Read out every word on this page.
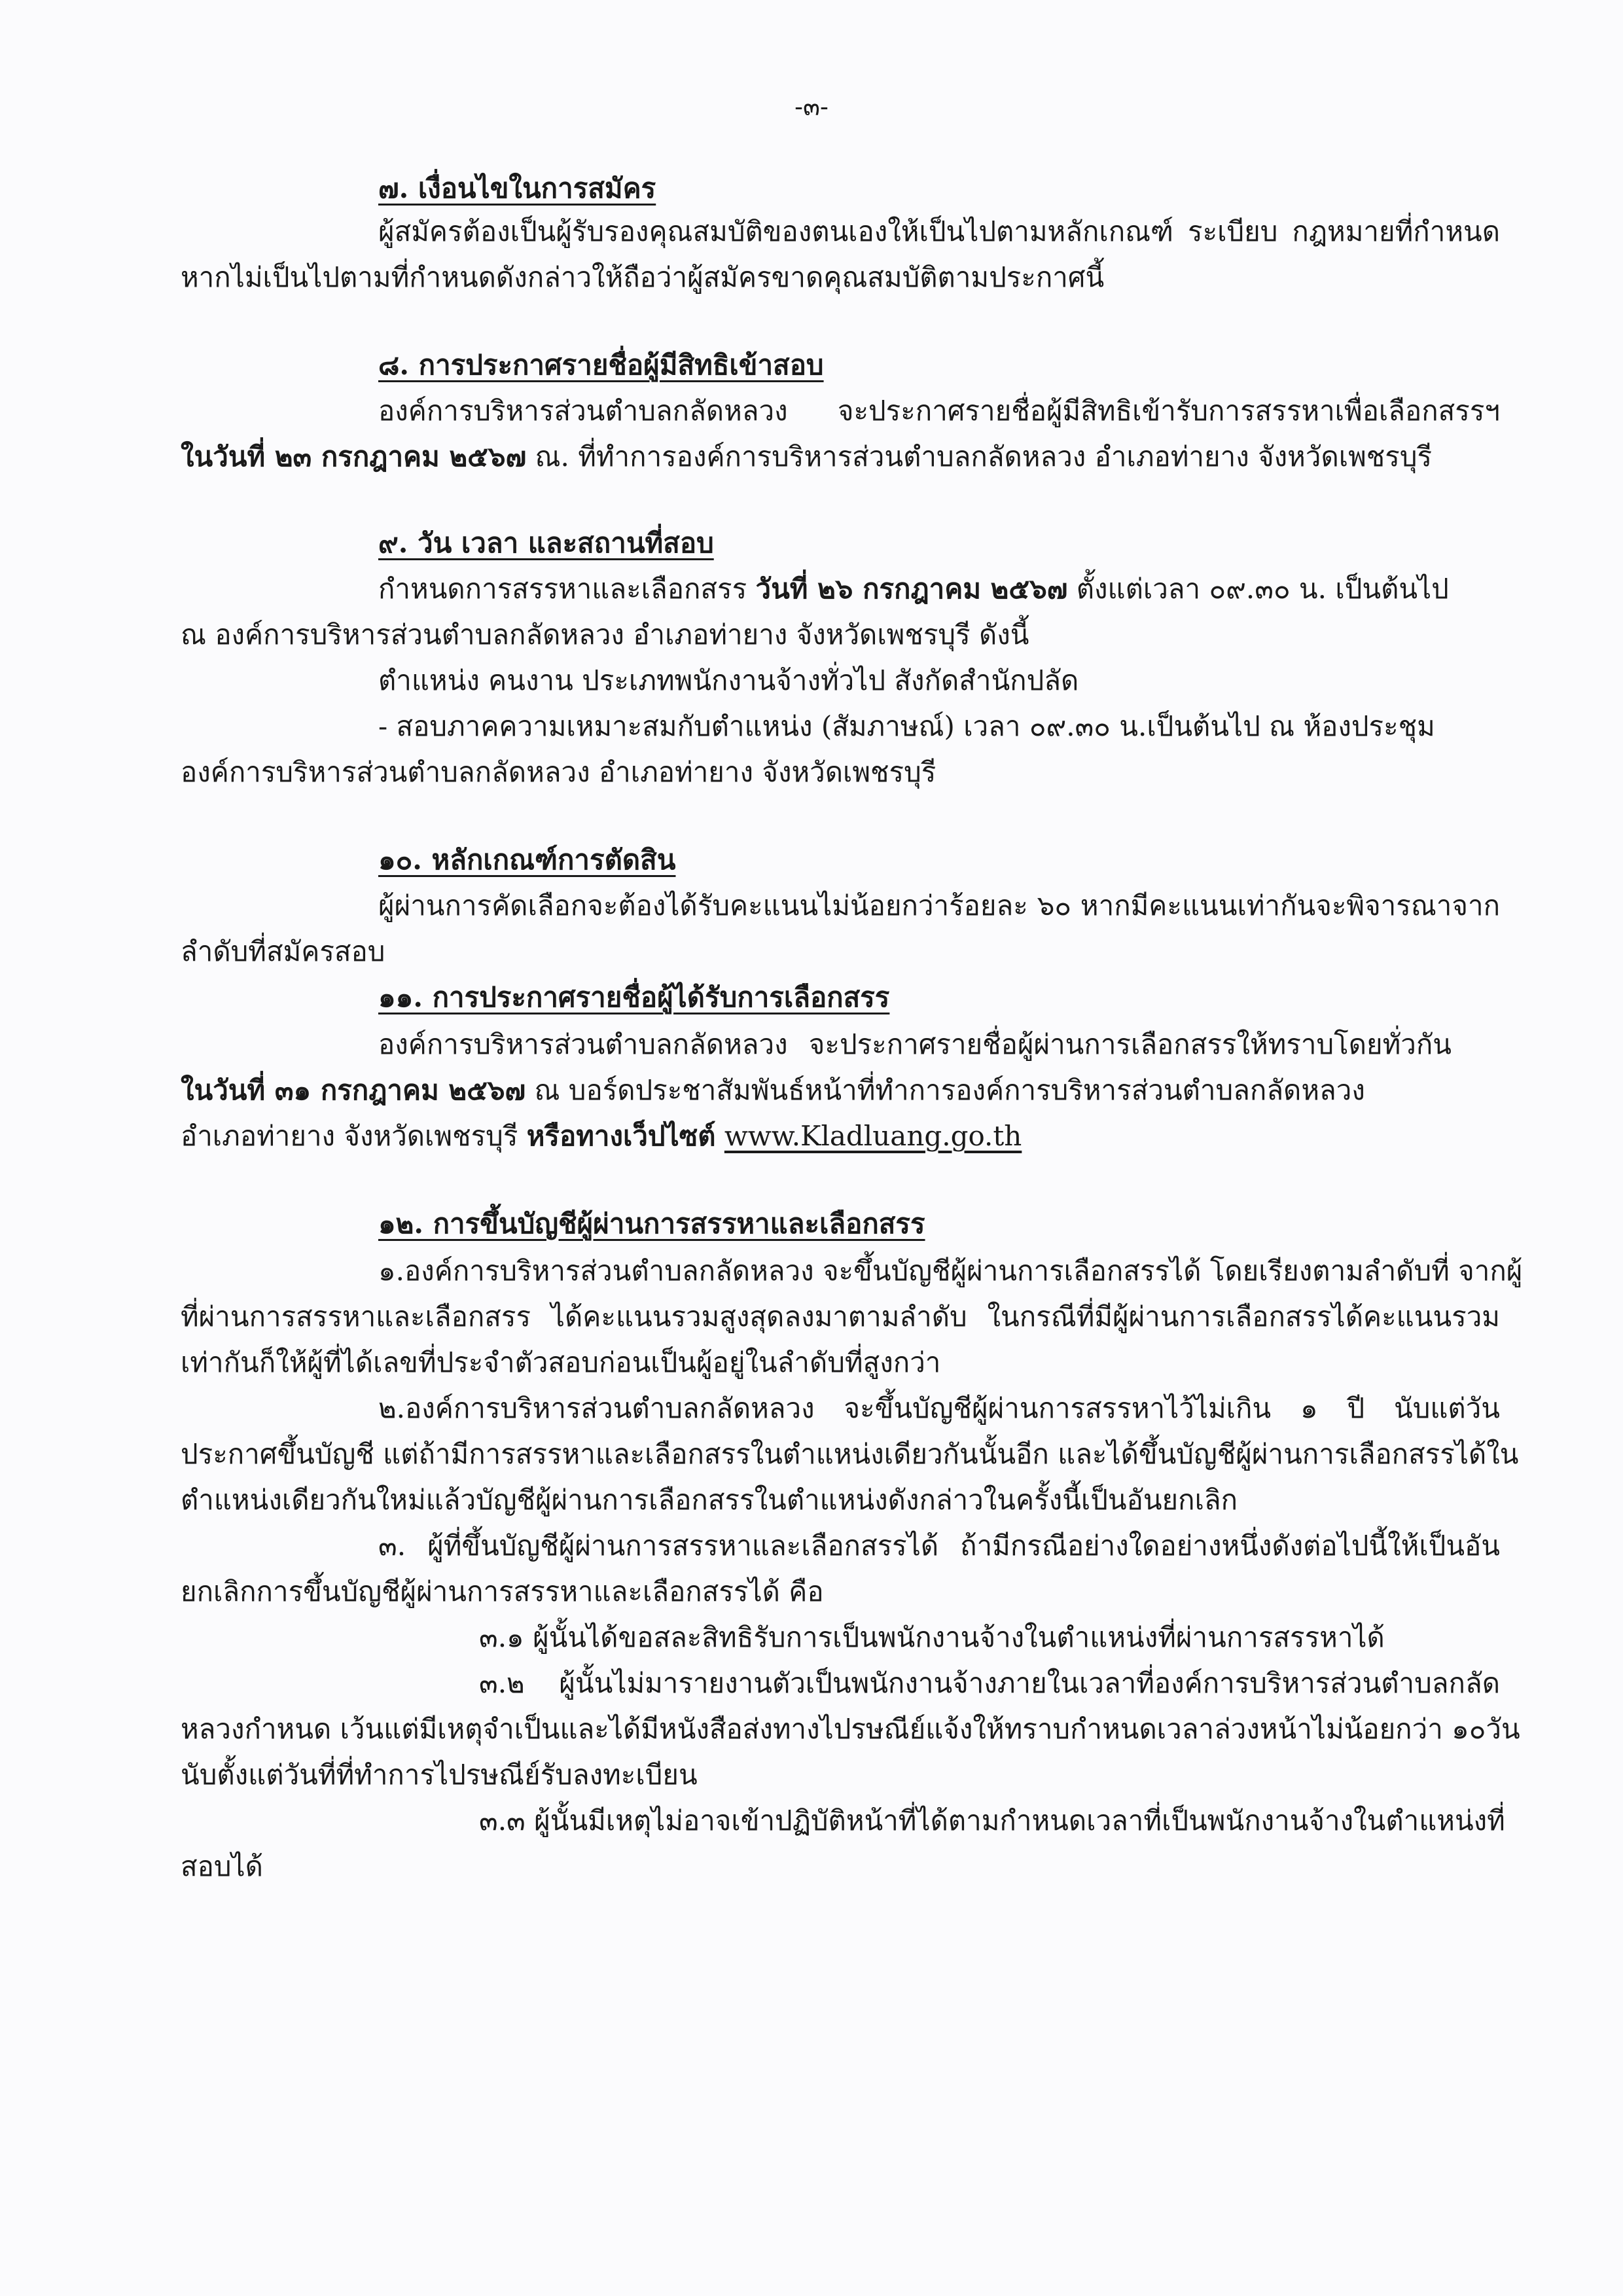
-๓-
๗. เงื่อนไขในการสมัคร
ผู้สมัครต้องเป็นผู้รับรองคุณสมบัติของตนเองให้เป็นไปตามหลักเกณฑ์ ระเบียบ กฎหมายที่กำหนด
หากไม่เป็นไปตามที่กำหนดดังกล่าวให้ถือว่าผู้สมัครขาดคุณสมบัติตามประกาศนี้
๘. การประกาศรายชื่อผู้มีสิทธิเข้าสอบ
องค์การบริหารส่วนตำบลกลัดหลวง จะประกาศรายชื่อผู้มีสิทธิเข้ารับการสรรหาเพื่อเลือกสรรฯ
ในวันที่ ๒๓ กรกฎาคม ๒๕๖๗ ณ. ที่ทำการองค์การบริหารส่วนตำบลกลัดหลวง อำเภอท่ายาง จังหวัดเพชรบุรี
๙. วัน เวลา และสถานที่สอบ
กำหนดการสรรหาและเลือกสรร วันที่ ๒๖ กรกฎาคม ๒๕๖๗ ตั้งแต่เวลา ๐๙.๓๐ น. เป็นต้นไป
ณ องค์การบริหารส่วนตำบลกลัดหลวง อำเภอท่ายาง จังหวัดเพชรบุรี ดังนี้
ตำแหน่ง คนงาน ประเภทพนักงานจ้างทั่วไป สังกัดสำนักปลัด
- สอบภาคความเหมาะสมกับตำแหน่ง (สัมภาษณ์) เวลา ๐๙.๓๐ น.เป็นต้นไป ณ ห้องประชุม
องค์การบริหารส่วนตำบลกลัดหลวง อำเภอท่ายาง จังหวัดเพชรบุรี
๑๐. หลักเกณฑ์การตัดสิน
ผู้ผ่านการคัดเลือกจะต้องได้รับคะแนนไม่น้อยกว่าร้อยละ ๖๐ หากมีคะแนนเท่ากันจะพิจารณาจาก
ลำดับที่สมัครสอบ
๑๑. การประกาศรายชื่อผู้ได้รับการเลือกสรร
องค์การบริหารส่วนตำบลกลัดหลวง จะประกาศรายชื่อผู้ผ่านการเลือกสรรให้ทราบโดยทั่วกัน
ในวันที่ ๓๑ กรกฎาคม ๒๕๖๗ ณ บอร์ดประชาสัมพันธ์หน้าที่ทำการองค์การบริหารส่วนตำบลกลัดหลวง
อำเภอท่ายาง จังหวัดเพชรบุรี หรือทางเว็ปไซต์ www.Kladluang.go.th
๑๒. การขึ้นบัญชีผู้ผ่านการสรรหาและเลือกสรร
๑.องค์การบริหารส่วนตำบลกลัดหลวง จะขึ้นบัญชีผู้ผ่านการเลือกสรรได้ โดยเรียงตามลำดับที่ จากผู้
ที่ผ่านการสรรหาและเลือกสรร ได้คะแนนรวมสูงสุดลงมาตามลำดับ ในกรณีที่มีผู้ผ่านการเลือกสรรได้คะแนนรวม
เท่ากันก็ให้ผู้ที่ได้เลขที่ประจำตัวสอบก่อนเป็นผู้อยู่ในลำดับที่สูงกว่า
๒.องค์การบริหารส่วนตำบลกลัดหลวง จะขึ้นบัญชีผู้ผ่านการสรรหาไว้ไม่เกิน ๑ ปี นับแต่วัน
ประกาศขึ้นบัญชี แต่ถ้ามีการสรรหาและเลือกสรรในตำแหน่งเดียวกันนั้นอีก และได้ขึ้นบัญชีผู้ผ่านการเลือกสรรได้ใน
ตำแหน่งเดียวกันใหม่แล้วบัญชีผู้ผ่านการเลือกสรรในตำแหน่งดังกล่าวในครั้งนี้เป็นอันยกเลิก
๓. ผู้ที่ขึ้นบัญชีผู้ผ่านการสรรหาและเลือกสรรได้ ถ้ามีกรณีอย่างใดอย่างหนึ่งดังต่อไปนี้ให้เป็นอัน
ยกเลิกการขึ้นบัญชีผู้ผ่านการสรรหาและเลือกสรรได้ คือ
๓.๑ ผู้นั้นได้ขอสละสิทธิรับการเป็นพนักงานจ้างในตำแหน่งที่ผ่านการสรรหาได้
๓.๒ ผู้นั้นไม่มารายงานตัวเป็นพนักงานจ้างภายในเวลาที่องค์การบริหารส่วนตำบลกลัด
หลวงกำหนด เว้นแต่มีเหตุจำเป็นและได้มีหนังสือส่งทางไปรษณีย์แจ้งให้ทราบกำหนดเวลาล่วงหน้าไม่น้อยกว่า ๑๐วัน
นับตั้งแต่วันที่ที่ทำการไปรษณีย์รับลงทะเบียน
๓.๓ ผู้นั้นมีเหตุไม่อาจเข้าปฏิบัติหน้าที่ได้ตามกำหนดเวลาที่เป็นพนักงานจ้างในตำแหน่งที่
สอบได้
